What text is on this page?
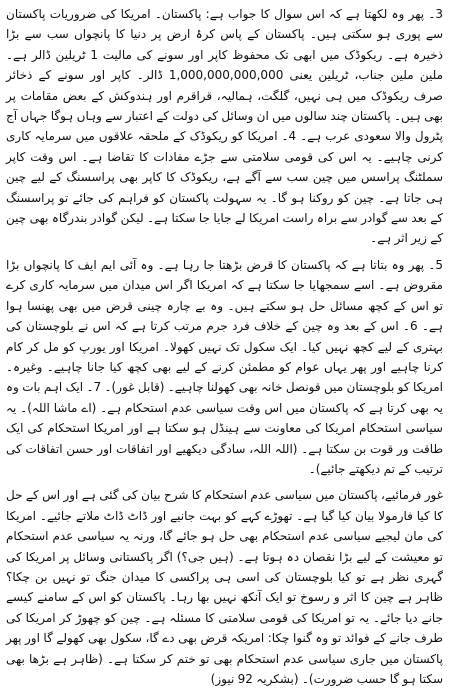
3۔ پھر وہ لکھتا ہے کہ اس سوال کا جواب ہے: پاکستان۔ امریکا کی ضروریات پاکستان سے پوری ہو سکتی ہیں۔ پاکستان کے پاس کرۂ ارض پر دنیا کا پانچواں سب سے بڑا ذخیرہ ہے۔ ریکوڈک میں ابھی تک محفوظ کاپر اور سونے کی مالیت 1 ٹریلین ڈالر ہے۔ ملین ملین جناب، ٹریلین یعنی 1,000,000,000,000 ڈالر۔ کاپر اور سونے کے ذخائر صرف ریکوڈک میں ہی نہیں، گلگت، ہمالیہ، قراقرم اور ہندوکش کے بعض مقامات پر بھی ہیں۔ پاکستان چند سالوں میں ان وسائل کی دولت کے اعتبار سے وہاں ہوگا جہاں آج پٹرول والا سعودی عرب ہے۔ 4۔ امریکا کو ریکوڈک کے ملحقہ علاقوں میں سرمایہ کاری کرنی چاہیے۔ یہ اس کی قومی سلامتی سے جڑے مفادات کا تقاضا ہے۔ اس وقت کاپر سملٹنگ پراسس میں چین سب سے آگے ہے، ریکوڈک کا کاپر بھی پراسسنگ کے لیے چین ہی جاتا ہے۔ چین کو روکنا ہو گا۔ یہ سہولت پاکستان کو فراہم کی جائے تو پراسسنگ کے بعد سے گوادر سے براہ راست امریکا لے جایا جا سکتا ہے۔ لیکن گوادر بندرگاہ بھی چین کے زیر اثر ہے۔

5۔ پھر وہ بتاتا ہے کہ پاکستان کا قرض بڑھتا جا رہا ہے۔ وہ آئی ایم ایف کا پانچواں بڑا مقروض ہے۔ اسے سمجھایا جا سکتا ہے کہ امریکا اگر اس میدان میں سرمایہ کاری کرے تو اس کے کچھ مسائل حل ہو سکتے ہیں۔ وہ بے چارہ چینی قرض میں بھی پھنسا ہوا ہے۔ 6۔ اس کے بعد وہ چین کے خلاف فرد جرم مرتب کرتا ہے کہ اس نے بلوچستان کی بہتری کے لیے کچھ نہیں کیا۔ ایک سکول تک نہیں کھولا۔ امریکا اور یورپ کو مل کر کام کرنا چاہیے اور پھر یہاں عوام کو مطمئن کرنے کے لیے بھی کچھ کیا جانا چاہیے۔ وغیرہ۔ امریکا کو بلوچستان میں قونصل خانہ بھی کھولنا چاہیے۔ (قابل غور)۔ 7۔ ایک اہم بات وہ یہ بھی کرتا ہے کہ پاکستان میں اس وقت سیاسی عدم استحکام ہے۔ (اے ماشا اللہ)۔ یہ سیاسی استحکام امریکا کی معاونت سے ہینڈل ہو سکتا ہے اور امریکا استحکام کی ایک طاقت ور قوت بن سکتا ہے۔ (اللہ اللہ، سادگی دیکھیے اور اتفاقات اور حسن اتفاقات کی ترتیب کے تم دیکھتے جائیے)۔

غور فرمائیے، پاکستان میں سیاسی عدم استحکام کا شرح بیان کی گئی ہے اور اس کے حل کا کیا فارمولا بیان کیا گیا ہے۔ تھوڑے کہے کو بہت جانیے اور ڈاٹ ڈاٹ ملاتے جائیے۔ امریکا کی مان لیجیے سیاسی عدم استحکام بھی حل ہو جائے گا، ورنہ یہ سیاسی عدم استحکام تو معیشت کے لیے بڑا نقصان دہ ہوتا ہے۔ (ہیں جی؟) اگر پاکستانی وسائل پر امریکا کی گہری نظر ہے تو کیا بلوچستان کی اسی ہی پراکسی کا میدان جنگ تو نہیں بن چکا؟ ظاہر ہے چین کا اثر و رسوخ تو ایک آنکھ نہیں بھا رہا۔ پاکستان کو اس کے سامنے کیسے جانے دیا جائے۔ یہ تو امریکا کی قومی سلامتی کا مسئلہ ہے۔ چین کو چھوڑ کر امریکا کی طرف جانے کے فوائد تو وہ گنوا چکا: امریکہ قرض بھی دے گا، سکول بھی کھولے گا اور پھر پاکستان میں جاری سیاسی عدم استحکام بھی تو ختم کر سکتا ہے۔ (ظاہر ہے بڑھا بھی سکتا ہو گا حسب ضرورت)۔ (بشکریہ 92 نیوز)
